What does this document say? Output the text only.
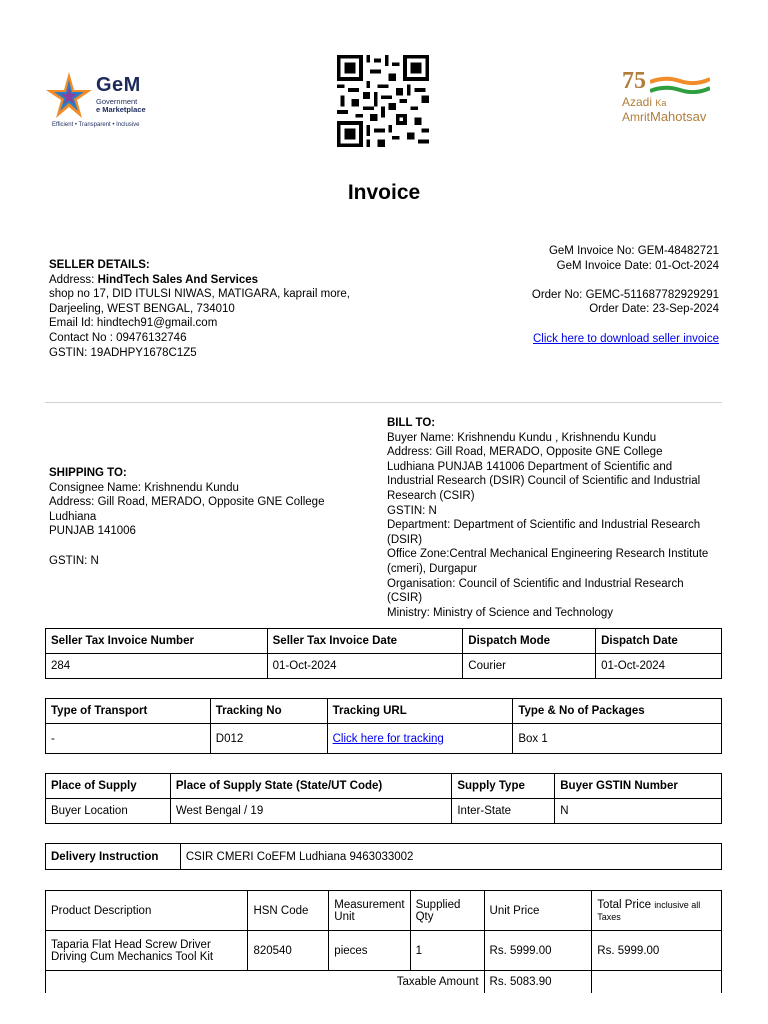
GeM
Government
e Marketplace
Efficient • Transparent • Inclusive
75
Azadi Ka
AmritMahotsav
Invoice
SELLER DETAILS:
Address: HindTech Sales And Services
shop no 17, DID ITULSI NIWAS, MATIGARA, kaprail more,
Darjeeling, WEST BENGAL, 734010
Email Id: hindtech91@gmail.com
Contact No : 09476132746
GSTIN: 19ADHPY1678C1Z5
GeM Invoice No: GEM-48482721
GeM Invoice Date: 01-Oct-2024
Order No: GEMC-511687782929291
Order Date: 23-Sep-2024
Click here to download seller invoice
SHIPPING TO:
Consignee Name: Krishnendu Kundu
Address: Gill Road, MERADO, Opposite GNE College
Ludhiana
PUNJAB 141006
GSTIN: N
BILL TO:
Buyer Name: Krishnendu Kundu , Krishnendu Kundu
Address: Gill Road, MERADO, Opposite GNE College
Ludhiana PUNJAB 141006 Department of Scientific and
Industrial Research (DSIR) Council of Scientific and Industrial
Research (CSIR)
GSTIN: N
Department: Department of Scientific and Industrial Research
(DSIR)
Office Zone:Central Mechanical Engineering Research Institute
(cmeri), Durgapur
Organisation: Council of Scientific and Industrial Research
(CSIR)
Ministry: Ministry of Science and Technology
Seller Tax Invoice Number	Seller Tax Invoice Date	Dispatch Mode	Dispatch Date
284	01-Oct-2024	Courier	01-Oct-2024
Type of Transport	Tracking No	Tracking URL	Type & No of Packages
-	D012	Click here for tracking	Box 1
Place of Supply	Place of Supply State (State/UT Code)	Supply Type	Buyer GSTIN Number
Buyer Location	West Bengal / 19	Inter-State	N
Delivery Instruction	CSIR CMERI CoEFM Ludhiana 9463033002
Product Description	HSN Code	Measurement Unit	Supplied Qty	Unit Price	Total Price inclusive all Taxes
Taparia Flat Head Screw Driver Driving Cum Mechanics Tool Kit	820540	pieces	1	Rs. 5999.00	Rs. 5999.00
Taxable Amount				Rs. 5083.90	
